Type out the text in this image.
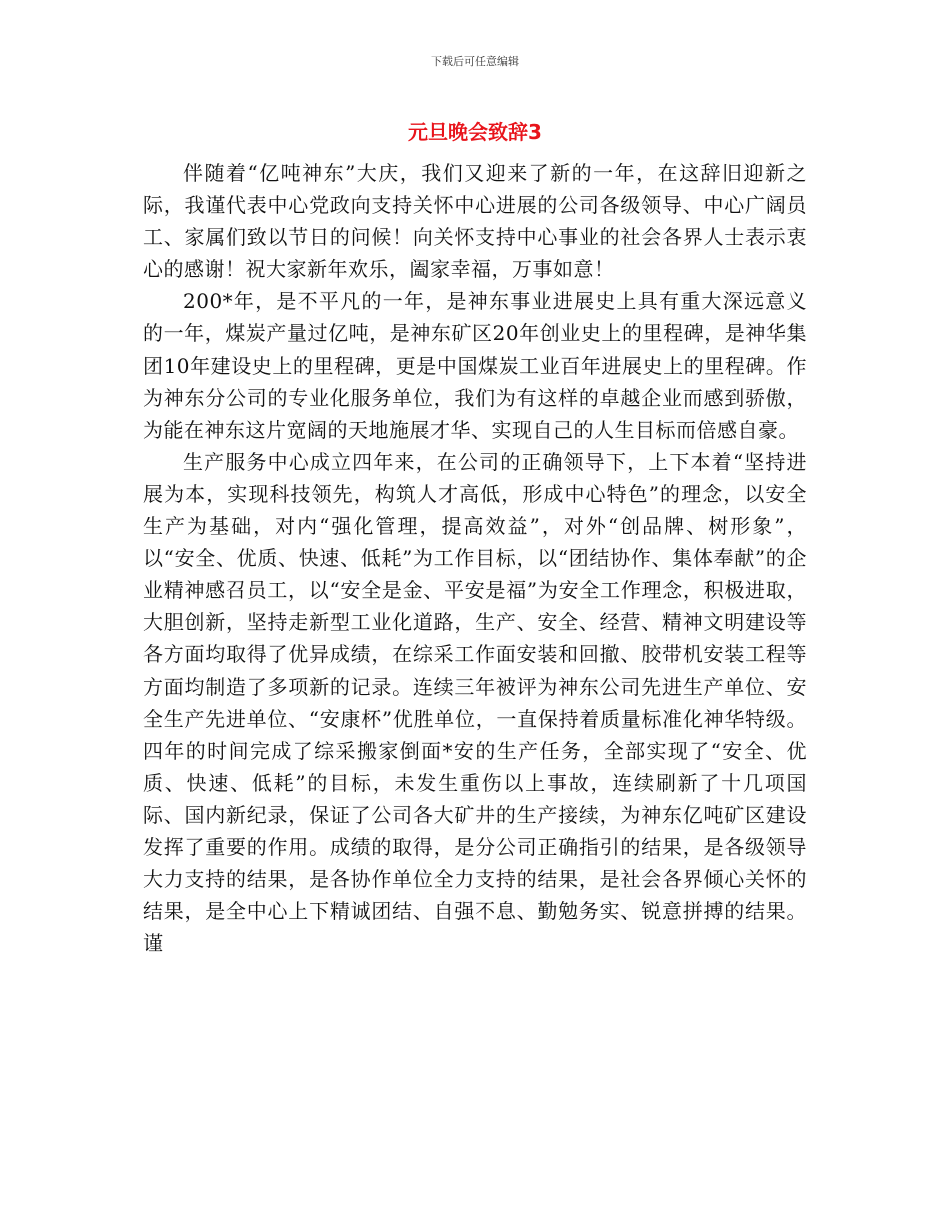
下载后可任意编辑
元旦晚会致辞3

伴随着“亿吨神东”大庆，我们又迎来了新的一年，在这辞旧迎新之际，我谨代表中心党政向支持关怀中心进展的公司各级领导、中心广阔员工、家属们致以节日的问候！向关怀支持中心事业的社会各界人士表示衷心的感谢！祝大家新年欢乐，阖家幸福，万事如意！

200*年，是不平凡的一年，是神东事业进展史上具有重大深远意义的一年，煤炭产量过亿吨，是神东矿区20年创业史上的里程碑，是神华集团10年建设史上的里程碑，更是中国煤炭工业百年进展史上的里程碑。作为神东分公司的专业化服务单位，我们为有这样的卓越企业而感到骄傲，为能在神东这片宽阔的天地施展才华、实现自己的人生目标而倍感自豪。

生产服务中心成立四年来，在公司的正确领导下，上下本着“坚持进展为本，实现科技领先，构筑人才高低，形成中心特色”的理念，以安全生产为基础，对内“强化管理，提高效益”，对外“创品牌、树形象”，以“安全、优质、快速、低耗”为工作目标，以“团结协作、集体奉献”的企业精神感召员工，以“安全是金、平安是福”为安全工作理念，积极进取，大胆创新，坚持走新型工业化道路，生产、安全、经营、精神文明建设等各方面均取得了优异成绩，在综采工作面安装和回撤、胶带机安装工程等方面均制造了多项新的记录。连续三年被评为神东公司先进生产单位、安全生产先进单位、“安康杯”优胜单位，一直保持着质量标准化神华特级。四年的时间完成了综采搬家倒面*安的生产任务，全部实现了“安全、优质、快速、低耗”的目标，未发生重伤以上事故，连续刷新了十几项国际、国内新纪录，保证了公司各大矿井的生产接续，为神东亿吨矿区建设发挥了重要的作用。成绩的取得，是分公司正确指引的结果，是各级领导大力支持的结果，是各协作单位全力支持的结果，是社会各界倾心关怀的结果，是全中心上下精诚团结、自强不息、勤勉务实、锐意拼搏的结果。谨
